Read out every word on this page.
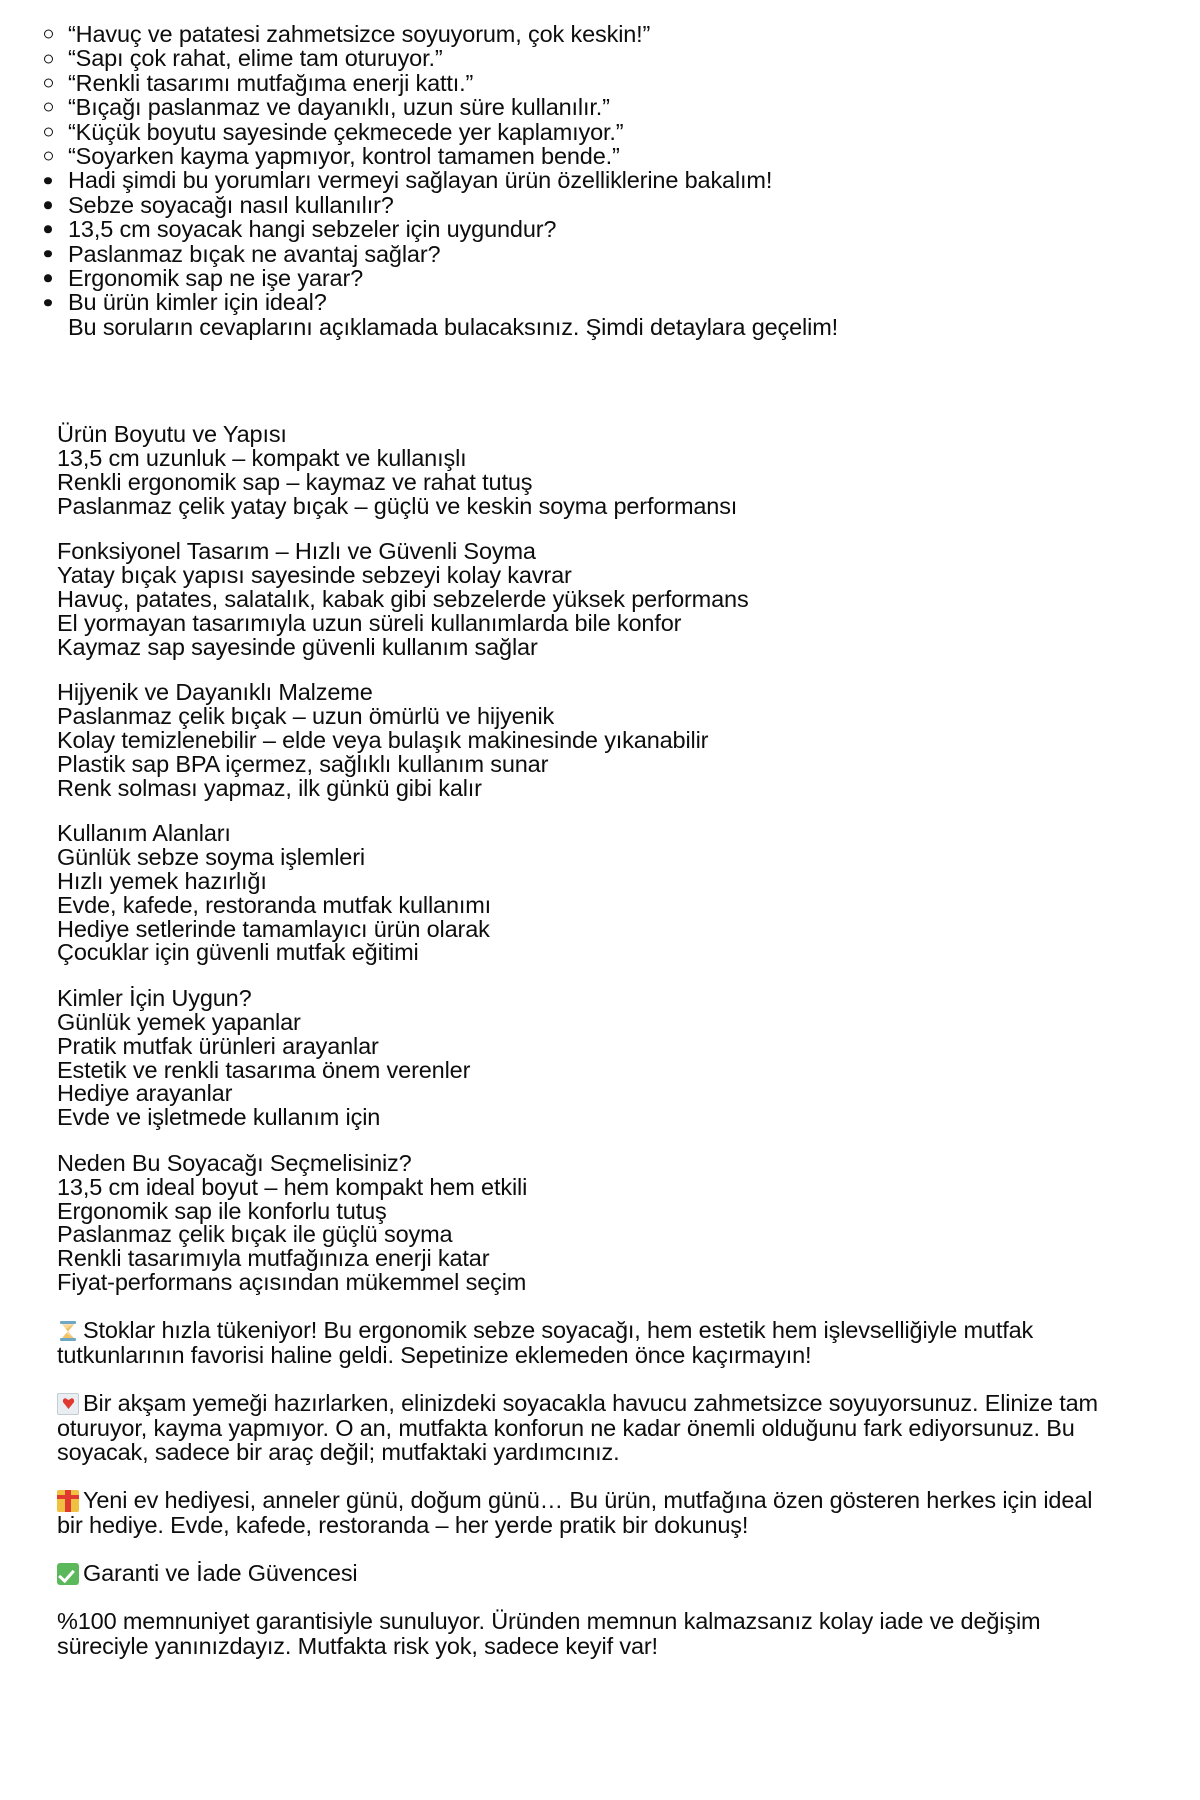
“Havuç ve patatesi zahmetsizce soyuyorum, çok keskin!”
“Sapı çok rahat, elime tam oturuyor.”
“Renkli tasarımı mutfağıma enerji kattı.”
“Bıçağı paslanmaz ve dayanıklı, uzun süre kullanılır.”
“Küçük boyutu sayesinde çekmecede yer kaplamıyor.”
“Soyarken kayma yapmıyor, kontrol tamamen bende.”
Hadi şimdi bu yorumları vermeyi sağlayan ürün özelliklerine bakalım!
Sebze soyacağı nasıl kullanılır?
13,5 cm soyacak hangi sebzeler için uygundur?
Paslanmaz bıçak ne avantaj sağlar?
Ergonomik sap ne işe yarar?
Bu ürün kimler için ideal?
Bu soruların cevaplarını açıklamada bulacaksınız. Şimdi detaylara geçelim!
Ürün Boyutu ve Yapısı
13,5 cm uzunluk – kompakt ve kullanışlı
Renkli ergonomik sap – kaymaz ve rahat tutuş
Paslanmaz çelik yatay bıçak – güçlü ve keskin soyma performansı
Fonksiyonel Tasarım – Hızlı ve Güvenli Soyma
Yatay bıçak yapısı sayesinde sebzeyi kolay kavrar
Havuç, patates, salatalık, kabak gibi sebzelerde yüksek performans
El yormayan tasarımıyla uzun süreli kullanımlarda bile konfor
Kaymaz sap sayesinde güvenli kullanım sağlar
Hijyenik ve Dayanıklı Malzeme
Paslanmaz çelik bıçak – uzun ömürlü ve hijyenik
Kolay temizlenebilir – elde veya bulaşık makinesinde yıkanabilir
Plastik sap BPA içermez, sağlıklı kullanım sunar
Renk solması yapmaz, ilk günkü gibi kalır
Kullanım Alanları
Günlük sebze soyma işlemleri
Hızlı yemek hazırlığı
Evde, kafede, restoranda mutfak kullanımı
Hediye setlerinde tamamlayıcı ürün olarak
Çocuklar için güvenli mutfak eğitimi
Kimler İçin Uygun?
Günlük yemek yapanlar
Pratik mutfak ürünleri arayanlar
Estetik ve renkli tasarıma önem verenler
Hediye arayanlar
Evde ve işletmede kullanım için
Neden Bu Soyacağı Seçmelisiniz?
13,5 cm ideal boyut – hem kompakt hem etkili
Ergonomik sap ile konforlu tutuş
Paslanmaz çelik bıçak ile güçlü soyma
Renkli tasarımıyla mutfağınıza enerji katar
Fiyat-performans açısından mükemmel seçim

Stoklar hızla tükeniyor! Bu ergonomik sebze soyacağı, hem estetik hem işlevselliğiyle mutfak tutkunlarının favorisi haline geldi. Sepetinize eklemeden önce kaçırmayın!

Bir akşam yemeği hazırlarken, elinizdeki soyacakla havucu zahmetsizce soyuyorsunuz. Elinize tam oturuyor, kayma yapmıyor. O an, mutfakta konforun ne kadar önemli olduğunu fark ediyorsunuz. Bu soyacak, sadece bir araç değil; mutfaktaki yardımcınız.

Yeni ev hediyesi, anneler günü, doğum günü… Bu ürün, mutfağına özen gösteren herkes için ideal bir hediye. Evde, kafede, restoranda – her yerde pratik bir dokunuş!

Garanti ve İade Güvencesi

%100 memnuniyet garantisiyle sunuluyor. Üründen memnun kalmazsanız kolay iade ve değişim süreciyle yanınızdayız. Mutfakta risk yok, sadece keyif var!
